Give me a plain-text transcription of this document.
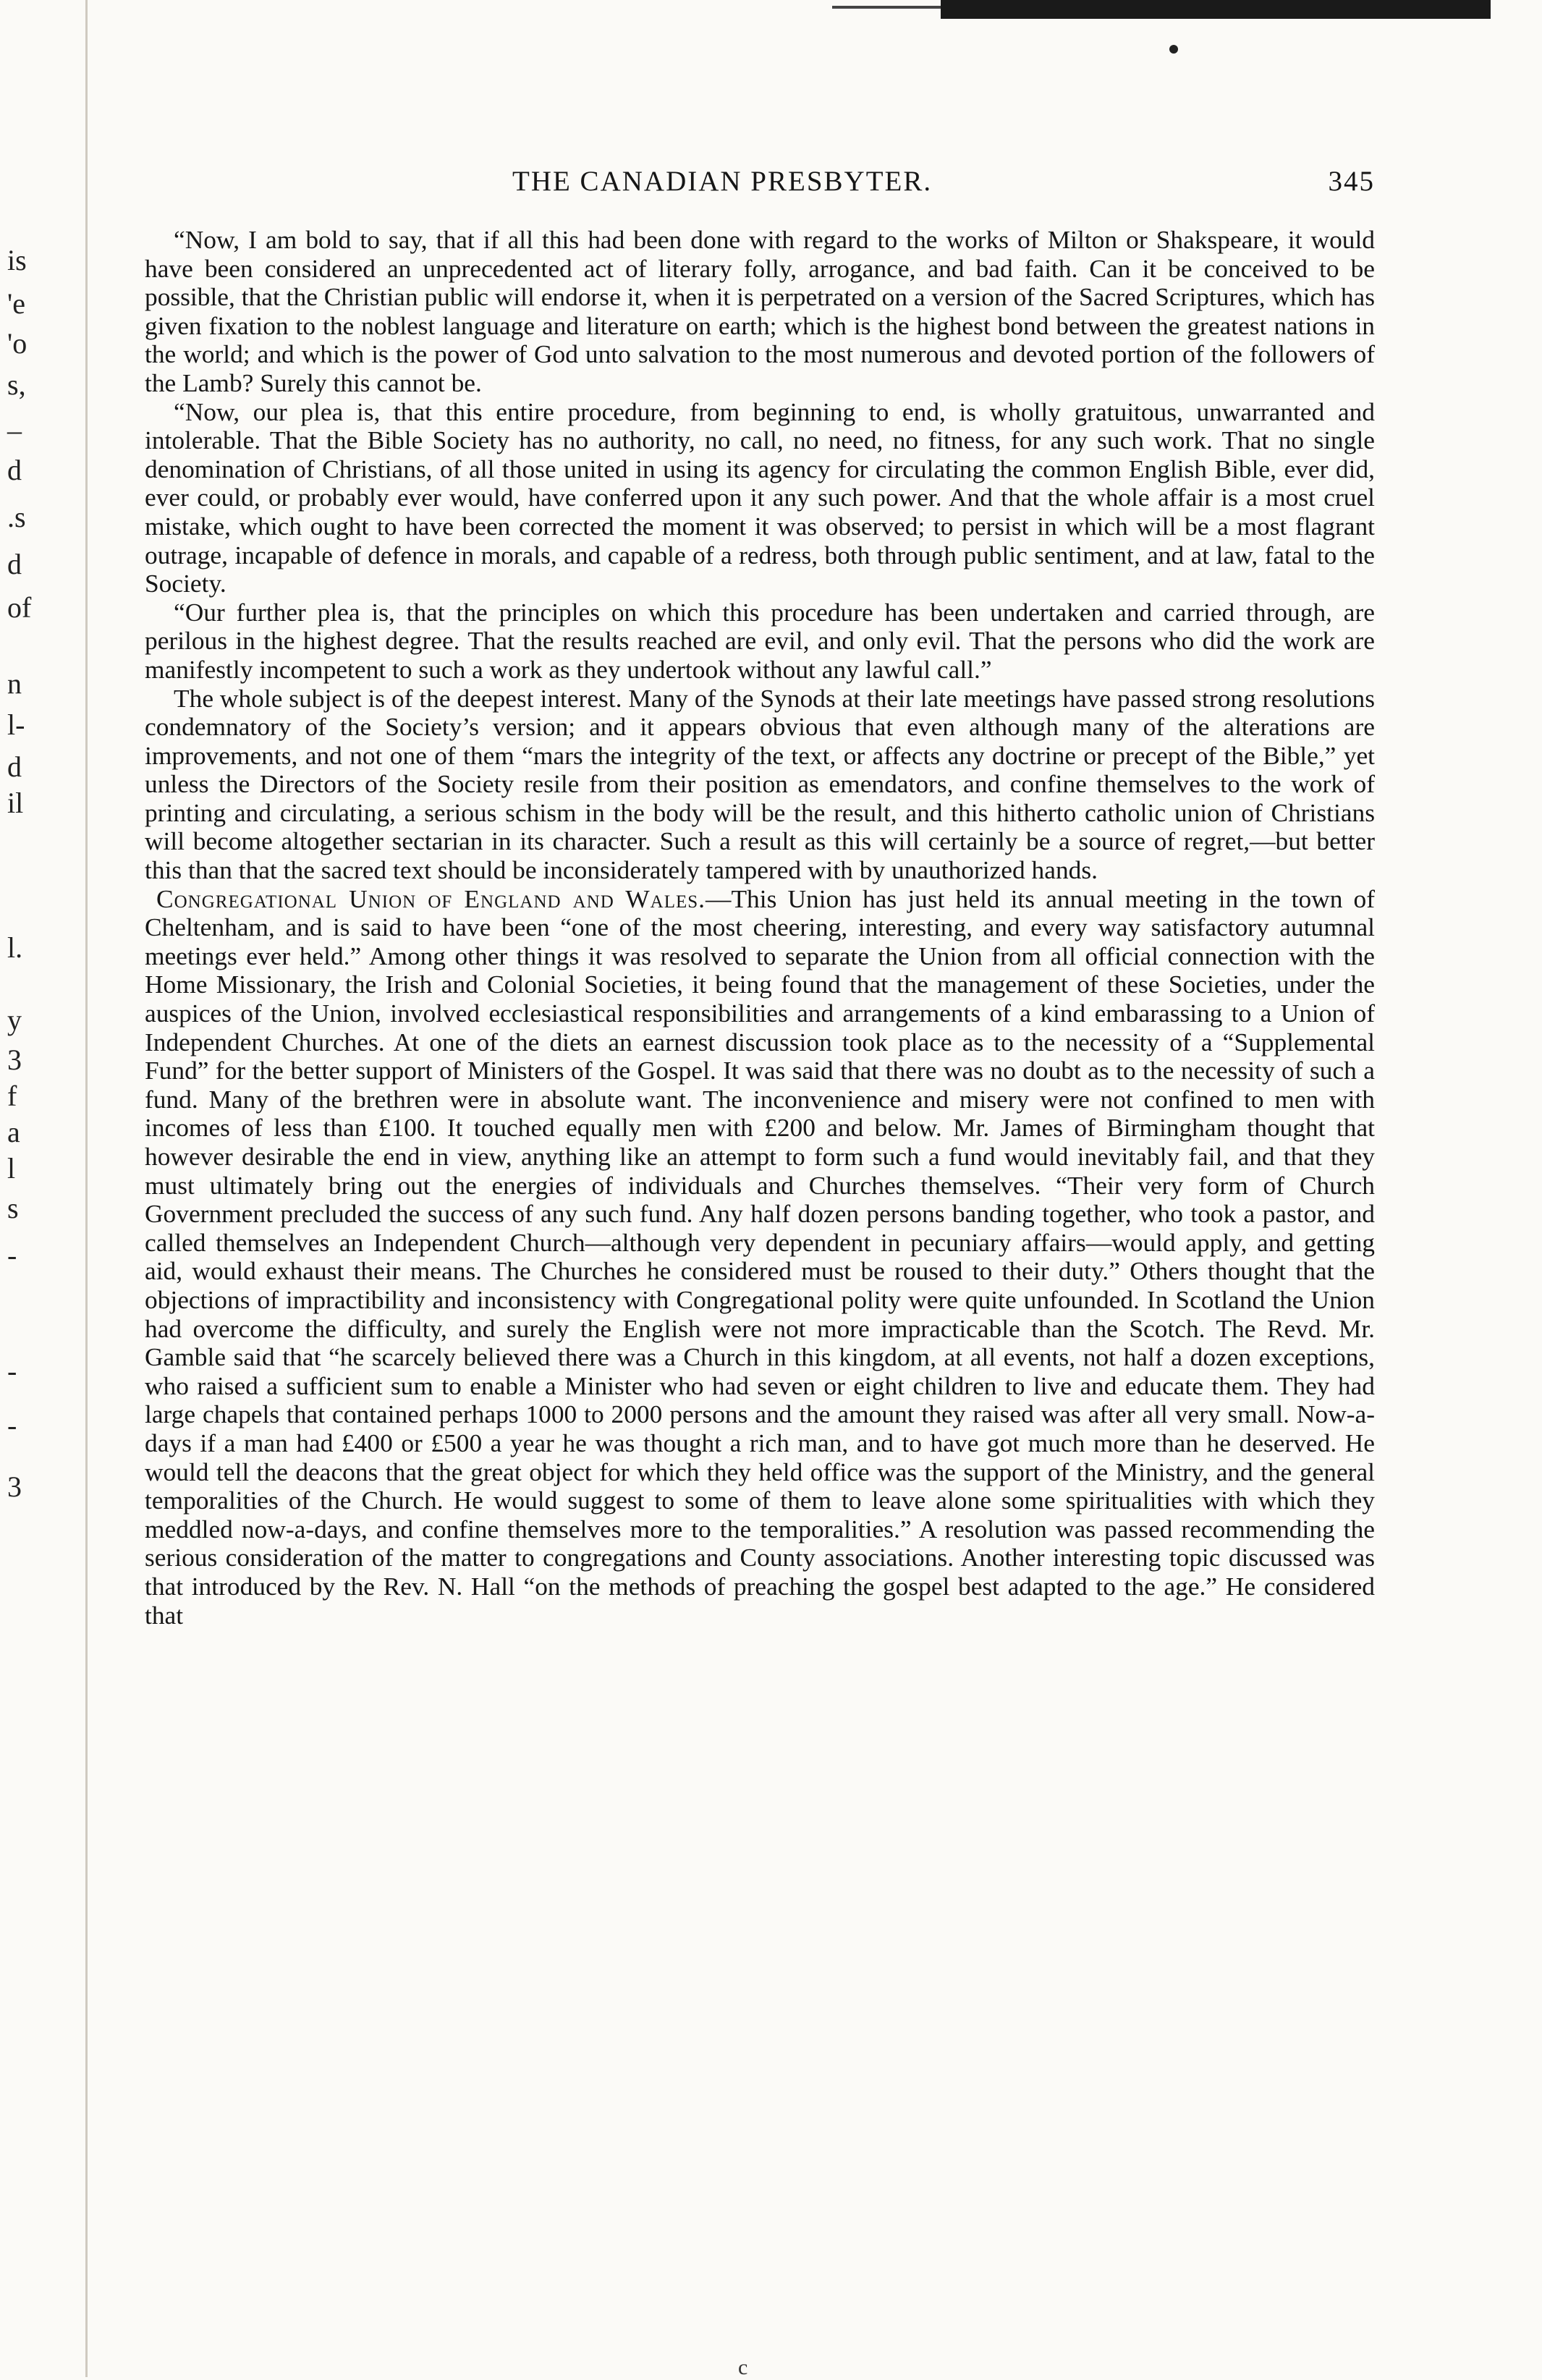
is
'e
'o
s,
–
d
.s
d
of
n
l-
d
il
l.
y
3
f
a
l
s
-
-
-
3
THE CANADIAN PRESBYTER.	345

“Now, I am bold to say, that if all this had been done with regard to the works of Milton or Shakspeare, it would have been considered an unprecedented act of literary folly, arrogance, and bad faith. Can it be conceived to be possible, that the Christian public will endorse it, when it is perpetrated on a version of the Sacred Scriptures, which has given fixation to the noblest language and literature on earth; which is the highest bond between the greatest nations in the world; and which is the power of God unto salvation to the most numerous and devoted portion of the followers of the Lamb? Surely this cannot be.

“Now, our plea is, that this entire procedure, from beginning to end, is wholly gratuitous, unwarranted and intolerable. That the Bible Society has no authority, no call, no need, no fitness, for any such work. That no single denomination of Christians, of all those united in using its agency for circulating the common English Bible, ever did, ever could, or probably ever would, have conferred upon it any such power. And that the whole affair is a most cruel mistake, which ought to have been corrected the moment it was observed; to persist in which will be a most flagrant outrage, incapable of defence in morals, and capable of a redress, both through public sentiment, and at law, fatal to the Society.

“Our further plea is, that the principles on which this procedure has been undertaken and carried through, are perilous in the highest degree. That the results reached are evil, and only evil. That the persons who did the work are manifestly incompetent to such a work as they undertook without any lawful call.”

The whole subject is of the deepest interest. Many of the Synods at their late meetings have passed strong resolutions condemnatory of the Society’s version; and it appears obvious that even although many of the alterations are improvements, and not one of them “mars the integrity of the text, or affects any doctrine or precept of the Bible,” yet unless the Directors of the Society resile from their position as emendators, and confine themselves to the work of printing and circulating, a serious schism in the body will be the result, and this hitherto catholic union of Christians will become altogether sectarian in its character. Such a result as this will certainly be a source of regret,—but better this than that the sacred text should be inconsiderately tampered with by unauthorized hands.

Congregational Union of England and Wales.—This Union has just held its annual meeting in the town of Cheltenham, and is said to have been “one of the most cheering, interesting, and every way satisfactory autumnal meetings ever held.” Among other things it was resolved to separate the Union from all official connection with the Home Missionary, the Irish and Colonial Societies, it being found that the management of these Societies, under the auspices of the Union, involved ecclesiastical responsibilities and arrangements of a kind embarassing to a Union of Independent Churches. At one of the diets an earnest discussion took place as to the necessity of a “Supplemental Fund” for the better support of Ministers of the Gospel. It was said that there was no doubt as to the necessity of such a fund. Many of the brethren were in absolute want. The inconvenience and misery were not confined to men with incomes of less than £100. It touched equally men with £200 and below. Mr. James of Birmingham thought that however desirable the end in view, anything like an attempt to form such a fund would inevitably fail, and that they must ultimately bring out the energies of individuals and Churches themselves. “Their very form of Church Government precluded the success of any such fund. Any half dozen persons banding together, who took a pastor, and called themselves an Independent Church—although very dependent in pecuniary affairs—would apply, and getting aid, would exhaust their means. The Churches he considered must be roused to their duty.” Others thought that the objections of impractibility and inconsistency with Congregational polity were quite unfounded. In Scotland the Union had overcome the difficulty, and surely the English were not more impracticable than the Scotch. The Revd. Mr. Gamble said that “he scarcely believed there was a Church in this kingdom, at all events, not half a dozen exceptions, who raised a sufficient sum to enable a Minister who had seven or eight children to live and educate them. They had large chapels that contained perhaps 1000 to 2000 persons and the amount they raised was after all very small. Now-a-days if a man had £400 or £500 a year he was thought a rich man, and to have got much more than he deserved. He would tell the deacons that the great object for which they held office was the support of the Ministry, and the general temporalities of the Church. He would suggest to some of them to leave alone some spiritualities with which they meddled now-a-days, and confine themselves more to the temporalities.” A resolution was passed recommending the serious consideration of the matter to congregations and County associations. Another interesting topic discussed was that introduced by the Rev. N. Hall “on the methods of preaching the gospel best adapted to the age.” He considered that

c
